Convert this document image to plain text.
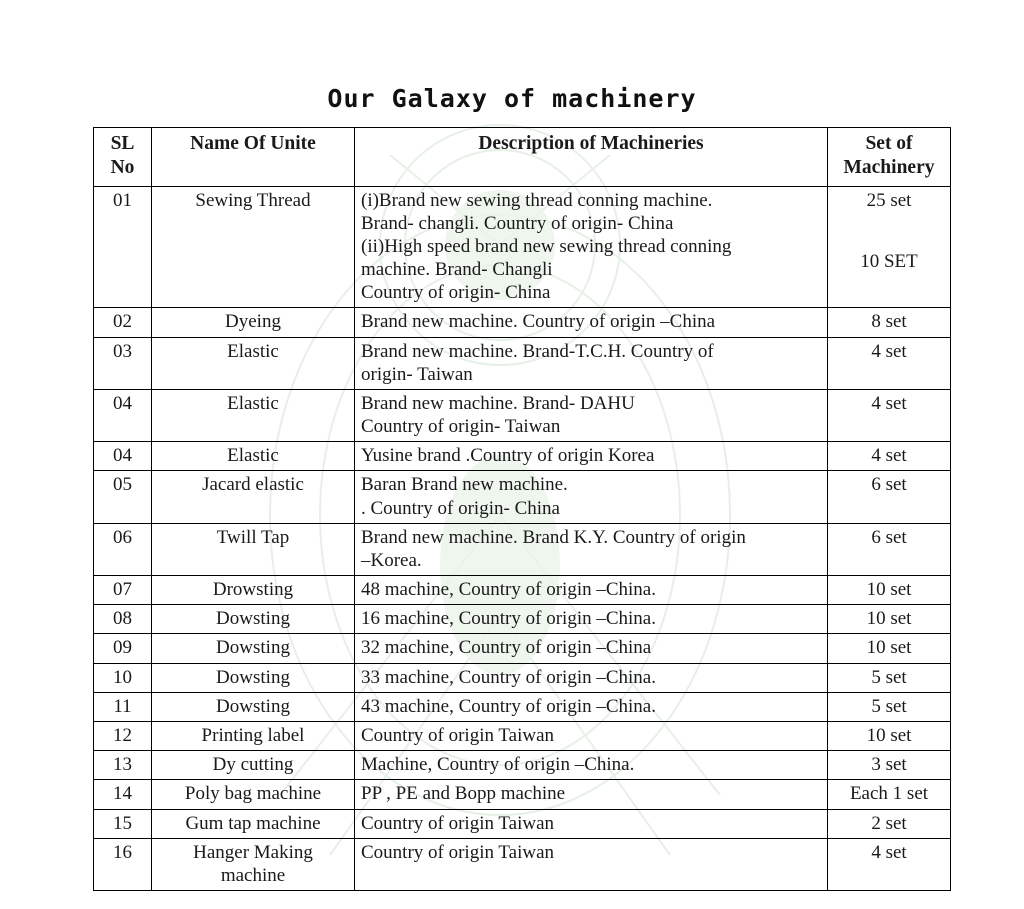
Our Galaxy of machinery
SL
No	Name Of Unite	Description of Machineries	Set of
Machinery
01	Sewing Thread	(i)Brand new sewing thread conning machine.
Brand- changli. Country of origin- China
(ii)High speed brand new sewing thread conning
machine. Brand- Changli
Country of origin- China	25 set
10 SET

02	Dyeing	Brand new machine. Country of origin –China	8 set

03	Elastic	Brand new machine. Brand-T.C.H. Country of
origin- Taiwan	4 set

04	Elastic	Brand new machine. Brand- DAHU
Country of origin- Taiwan	4 set

04	Elastic	Yusine brand .Country of origin Korea	4 set

05	Jacard elastic	Baran Brand new machine.
. Country of origin- China	6 set

06	Twill Tap	Brand new machine. Brand K.Y. Country of origin
–Korea.	6 set

07	Drowsting	48 machine, Country of origin –China.	10 set

08	Dowsting	16 machine, Country of origin –China.	10 set

09	Dowsting	32 machine, Country of origin –China	10 set

10	Dowsting	33 machine, Country of origin –China.	5 set

11	Dowsting	43 machine, Country of origin –China.	5 set

12	Printing label	Country of origin Taiwan	10 set

13	Dy cutting	Machine, Country of origin –China.	3 set

14	Poly bag machine	PP , PE and Bopp machine	Each 1 set

15	Gum tap machine	Country of origin Taiwan	2 set

16	Hanger Making
machine	Country of origin Taiwan	4 set
